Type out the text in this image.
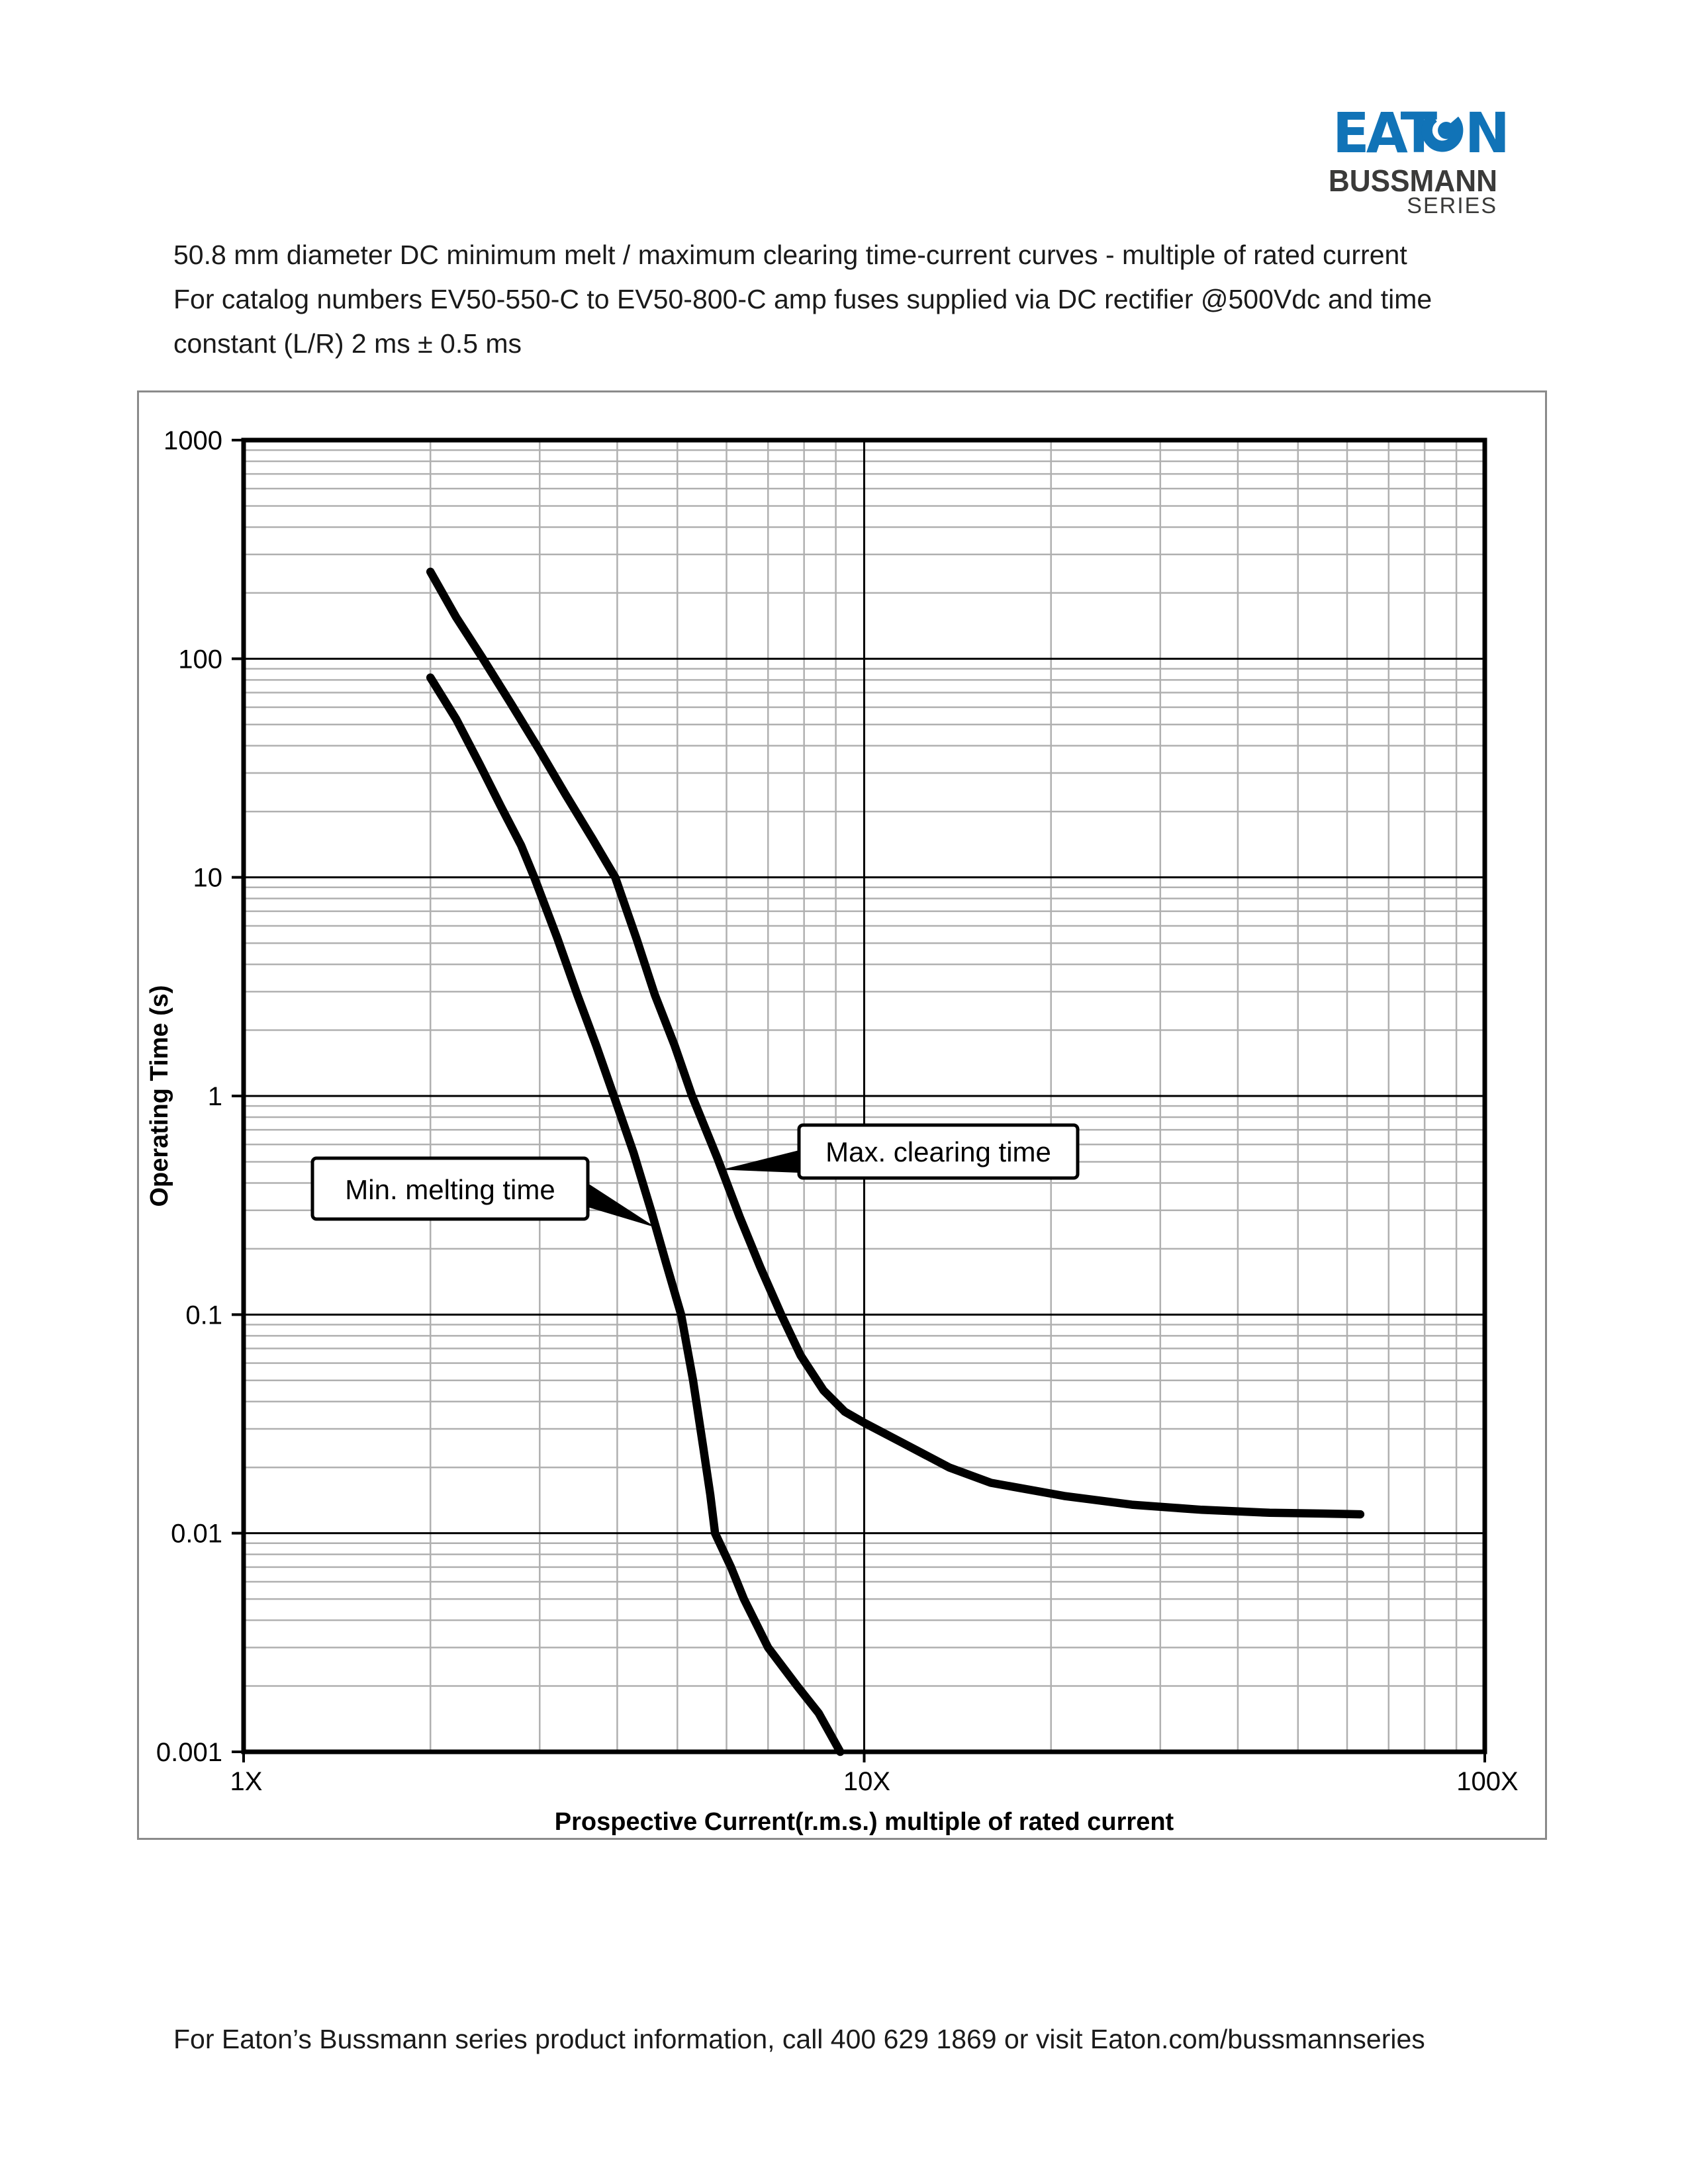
EAT N
BUSSMANN
SERIES
50.8 mm diameter DC minimum melt / maximum clearing time-current curves - multiple of rated current
For catalog numbers EV50-550-C to EV50-800-C amp fuses supplied via DC rectifier @500Vdc and time
constant (L/R) 2 ms ± 0.5 ms
1000
100
10
1
0.1
0.01
0.001
1X	10X	100X
Operating Time (s)
Prospective Current(r.m.s.) multiple of rated current
Min. melting time
Max. clearing time
For Eaton’s Bussmann series product information, call 400 629 1869 or visit Eaton.com/bussmannseries
